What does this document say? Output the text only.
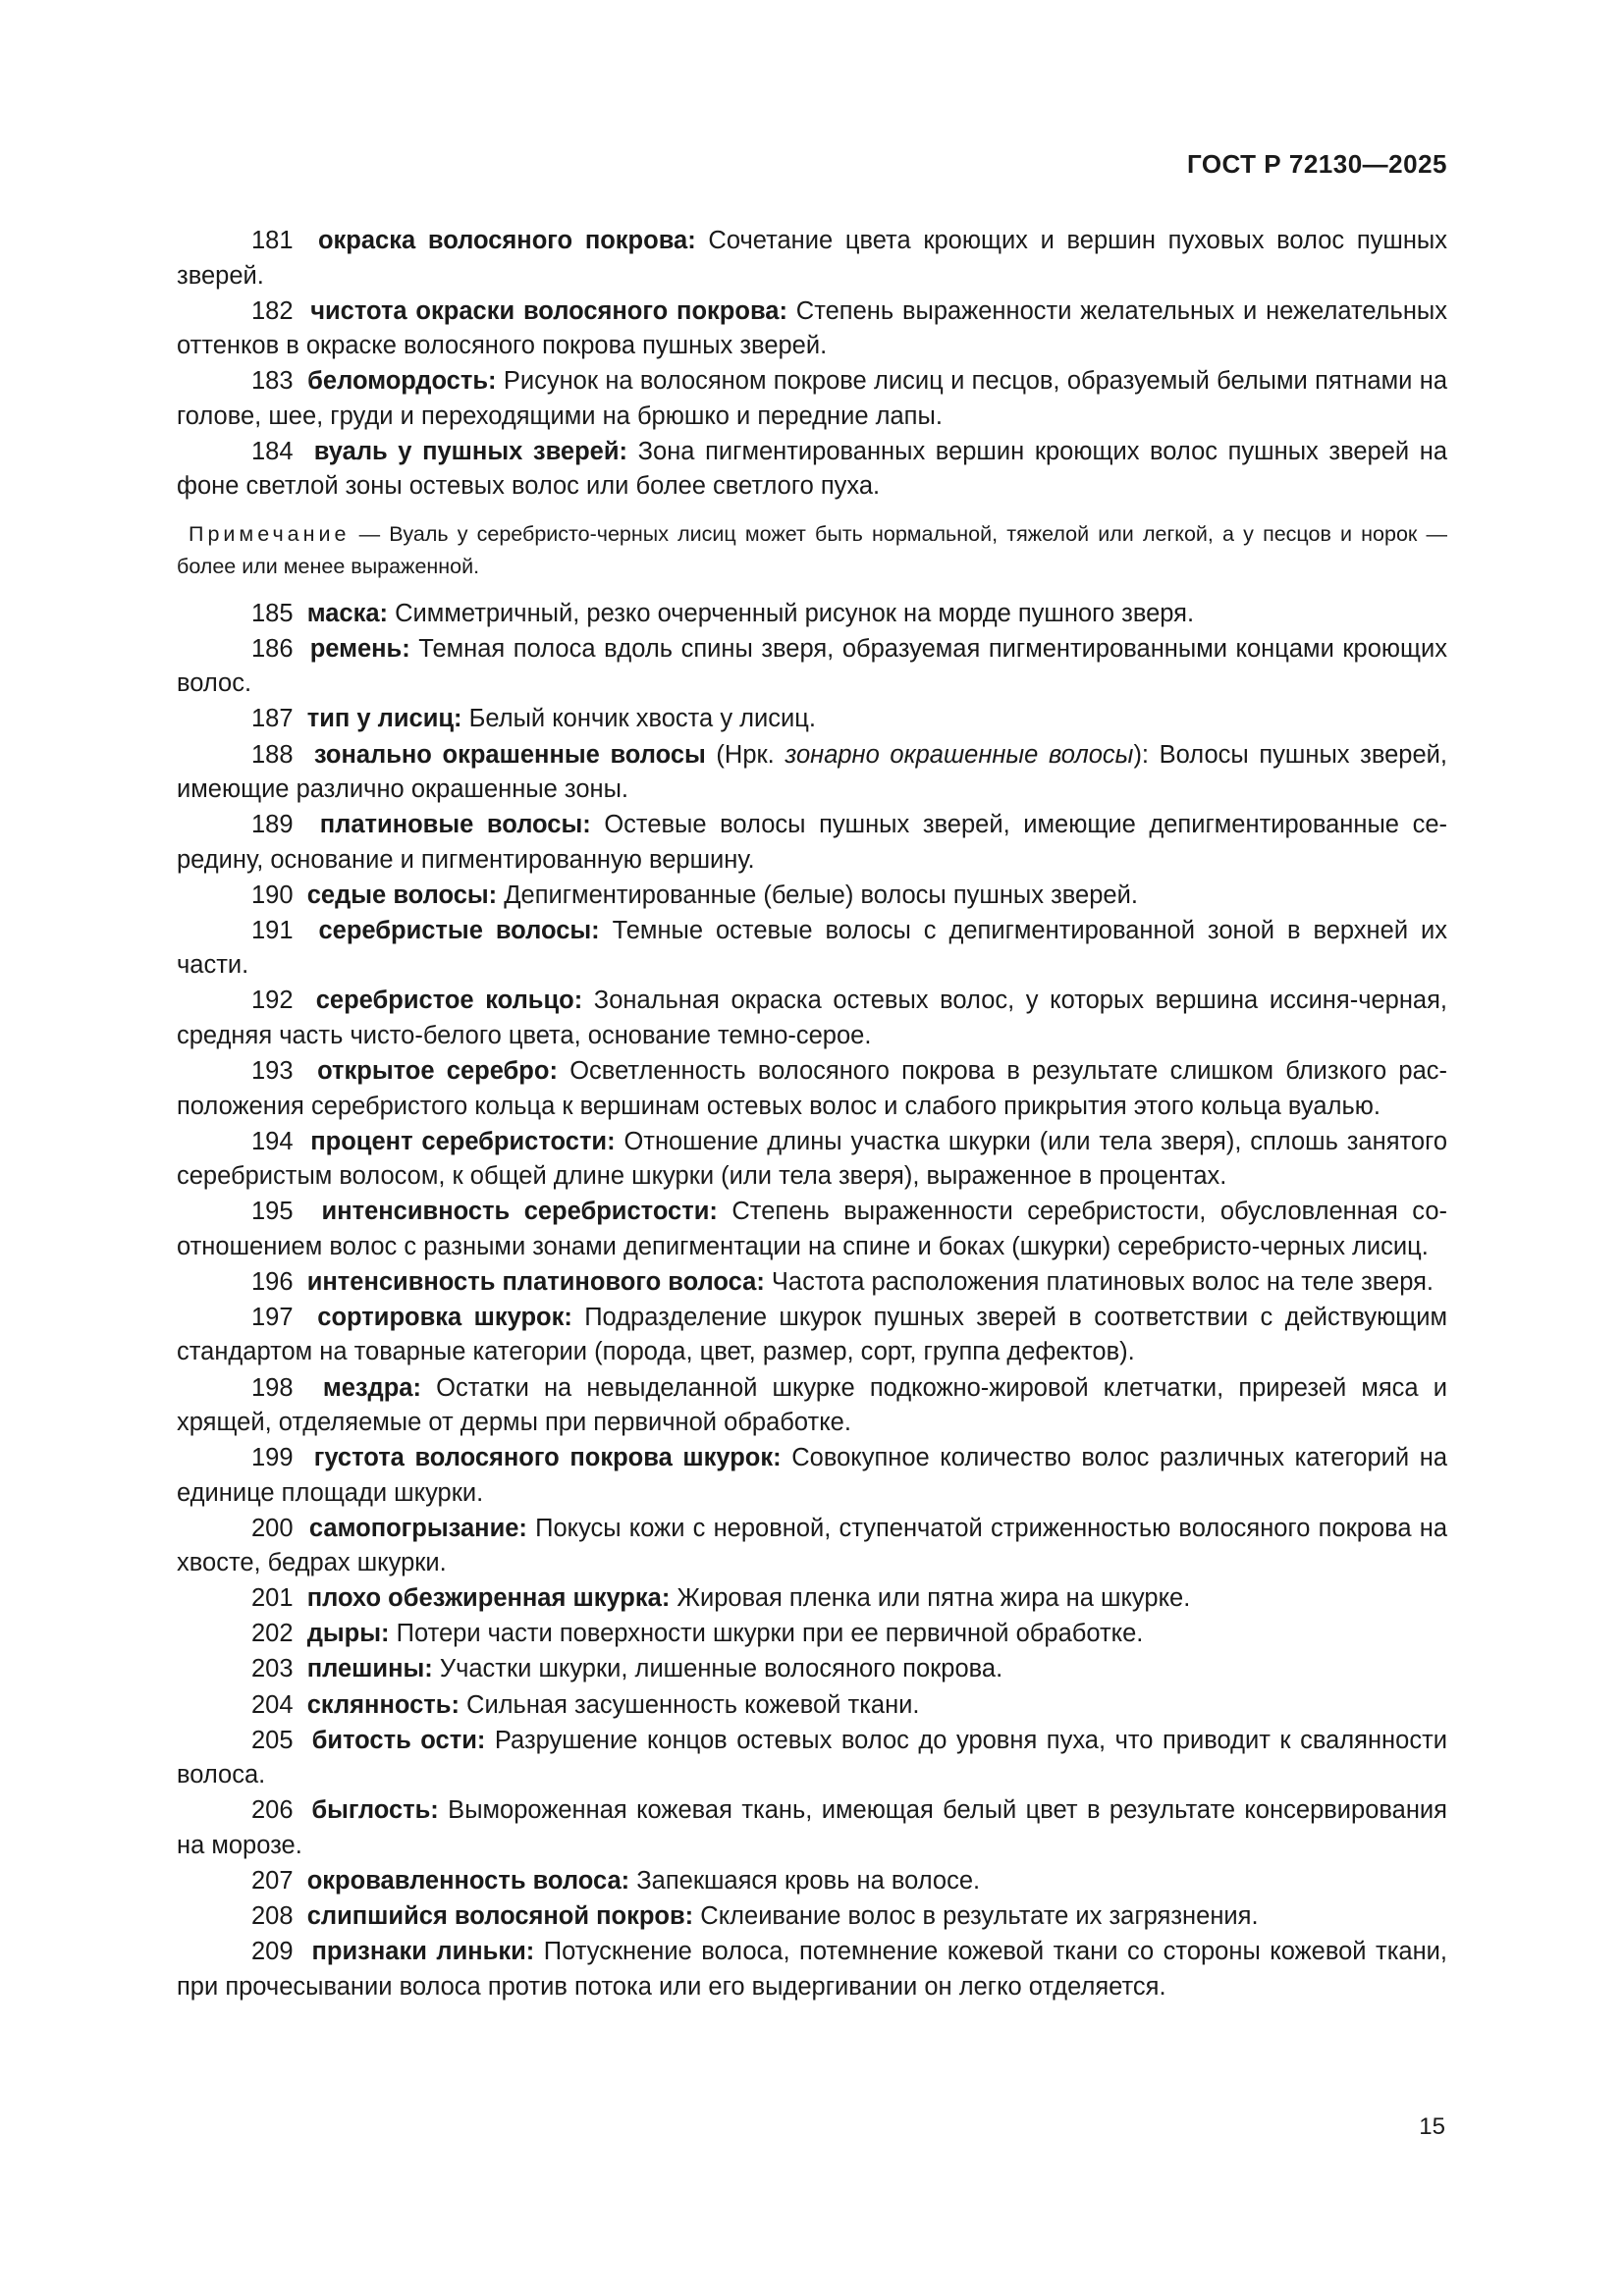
ГОСТ Р 72130—2025

181 окраска волосяного покрова: Сочетание цвета кроющих и вершин пуховых волос пушных зверей.

182 чистота окраски волосяного покрова: Степень выраженности желательных и нежелательных оттенков в окраске волосяного покрова пушных зверей.

183 беломордость: Рисунок на волосяном покрове лисиц и песцов, образуемый белыми пятнами на голове, шее, груди и переходящими на брюшко и передние лапы.

184 вуаль у пушных зверей: Зона пигментированных вершин кроющих волос пушных зверей на фоне светлой зоны остевых волос или более светлого пуха.

Примечание — Вуаль у серебристо-черных лисиц может быть нормальной, тяжелой или легкой, а у песцов и норок — более или менее выраженной.

185 маска: Симметричный, резко очерченный рисунок на морде пушного зверя.

186 ремень: Темная полоса вдоль спины зверя, образуемая пигментированными концами кроющих волос.

187 тип у лисиц: Белый кончик хвоста у лисиц.

188 зонально окрашенные волосы (Нрк. зонарно окрашенные волосы): Волосы пушных зверей, имеющие различно окрашенные зоны.

189 платиновые волосы: Остевые волосы пушных зверей, имеющие депигментированные середину, основание и пигментированную вершину.

190 седые волосы: Депигментированные (белые) волосы пушных зверей.

191 серебристые волосы: Темные остевые волосы с депигментированной зоной в верхней их части.

192 серебристое кольцо: Зональная окраска остевых волос, у которых вершина иссиня-черная, средняя часть чисто-белого цвета, основание темно-серое.

193 открытое серебро: Осветленность волосяного покрова в результате слишком близкого расположения серебристого кольца к вершинам остевых волос и слабого прикрытия этого кольца вуалью.

194 процент серебристости: Отношение длины участка шкурки (или тела зверя), сплошь занятого серебристым волосом, к общей длине шкурки (или тела зверя), выраженное в процентах.

195 интенсивность серебристости: Степень выраженности серебристости, обусловленная соотношением волос с разными зонами депигментации на спине и боках (шкурки) серебристо-черных лисиц.

196 интенсивность платинового волоса: Частота расположения платиновых волос на теле зверя.

197 сортировка шкурок: Подразделение шкурок пушных зверей в соответствии с действующим стандартом на товарные категории (порода, цвет, размер, сорт, группа дефектов).

198 мездра: Остатки на невыделанной шкурке подкожно-жировой клетчатки, прирезей мяса и хрящей, отделяемые от дермы при первичной обработке.

199 густота волосяного покрова шкурок: Совокупное количество волос различных категорий на единице площади шкурки.

200 самопогрызание: Покусы кожи с неровной, ступенчатой стриженностью волосяного покрова на хвосте, бедрах шкурки.

201 плохо обезжиренная шкурка: Жировая пленка или пятна жира на шкурке.

202 дыры: Потери части поверхности шкурки при ее первичной обработке.

203 плешины: Участки шкурки, лишенные волосяного покрова.

204 склянность: Сильная засушенность кожевой ткани.

205 битость ости: Разрушение концов остевых волос до уровня пуха, что приводит к свалянности волоса.

206 быглость: Вымороженная кожевая ткань, имеющая белый цвет в результате консервирования на морозе.

207 окровавленность волоса: Запекшаяся кровь на волосе.

208 слипшийся волосяной покров: Склеивание волос в результате их загрязнения.

209 признаки линьки: Потускнение волоса, потемнение кожевой ткани со стороны кожевой ткани, при прочесывании волоса против потока или его выдергивании он легко отделяется.

15
